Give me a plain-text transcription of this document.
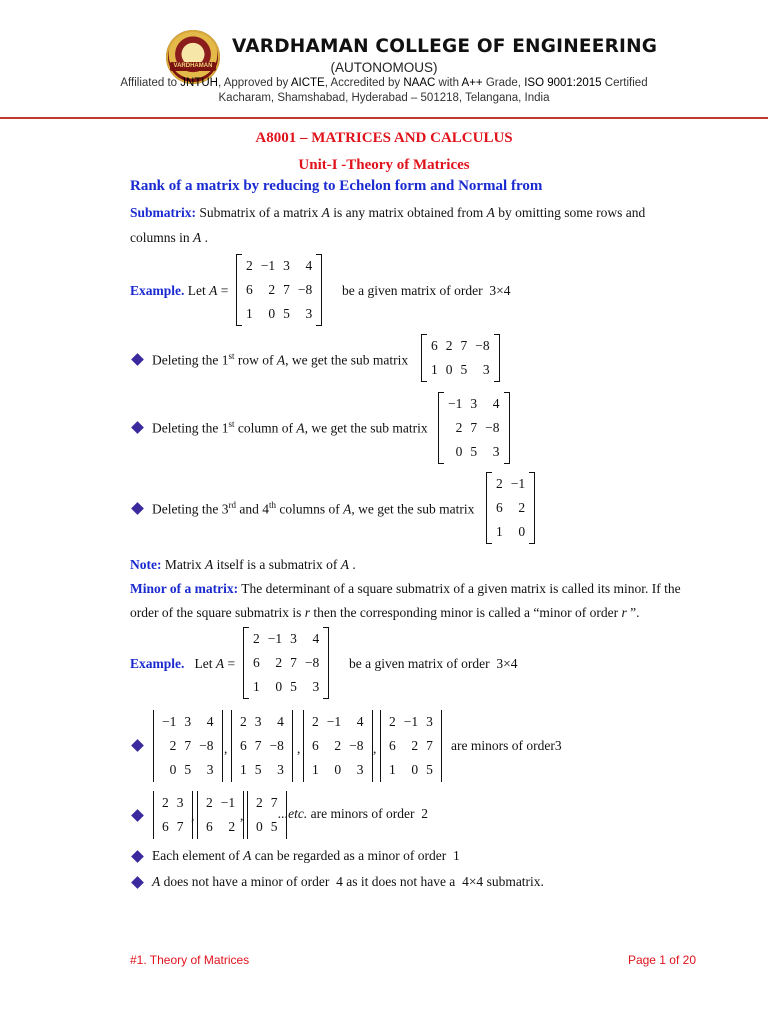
VARDHAMAN
VARDHAMAN COLLEGE OF ENGINEERING
(AUTONOMOUS)
Affiliated to JNTUH, Approved by AICTE, Accredited by NAAC with A++ Grade, ISO 9001:2015 Certified
Kacharam, Shamshabad, Hyderabad – 501218, Telangana, India
A8001 – MATRICES AND CALCULUS
Unit-I -Theory of Matrices
Rank of a matrix by reducing to Echelon form and Normal from
Submatrix: Submatrix of a matrix A is any matrix obtained from A by omitting some rows and
columns in A .
Example. Let A =
2 −1 3	4
6	2 7 −8
1	0 5	3
be a given matrix of order 3×4
Deleting the 1st row of A, we get the sub matrix
6 2 7 −8
1 0 5	3
Deleting the 1st column of A, we get the sub matrix
−1 3	4
2 7 −8
0 5	3
Deleting the 3rd and 4th columns of A, we get the sub matrix
2 −1
6	2
1	0
Note: Matrix A itself is a submatrix of A .
Minor of a matrix: The determinant of a square submatrix of a given matrix is called its minor. If the
order of the square submatrix is r then the corresponding minor is called a “minor of order r ”.
Example.   Let A =
2 −1 3	4
6	2 7 −8
1	0 5	3
be a given matrix of order 3×4
−1 3	4
2 7 −8
0 5	3
,
2 3	4
6 7 −8
1 5	3
,
2 −1	4
6	2 −8
1	0	3
,
2 −1 3
6	2 7
1	0 5
are minors of order3
2 3
6 7
,
2 −1
6	2
,
2 7
0 5
...etc. are minors of order 2
Each element of A can be regarded as a minor of order 1
A does not have a minor of order 4 as it does not have a 4×4 submatrix.
#1. Theory of Matrices	Page 1 of 20
